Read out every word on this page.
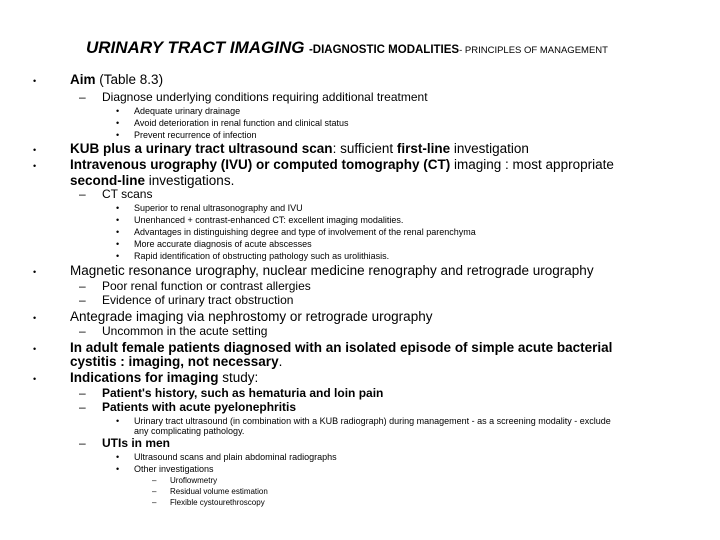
URINARY TRACT IMAGING -DIAGNOSTIC MODALITIES- PRINCIPLES OF MANAGEMENT
•	Aim (Table 8.3)
– Diagnose underlying conditions requiring additional treatment
• Adequate urinary drainage
• Avoid deterioration in renal function and clinical status
• Prevent recurrence of infection
•	KUB plus a urinary tract ultrasound scan: sufficient first-line investigation
•	Intravenous urography (IVU) or computed tomography (CT) imaging : most appropriate
second-line investigations.
– CT scans
• Superior to renal ultrasonography and IVU
• Unenhanced + contrast-enhanced CT: excellent imaging modalities.
• Advantages in distinguishing degree and type of involvement of the renal parenchyma
• More accurate diagnosis of acute abscesses
• Rapid identification of obstructing pathology such as urolithiasis.
•	Magnetic resonance urography, nuclear medicine renography and retrograde urography
– Poor renal function or contrast allergies
– Evidence of urinary tract obstruction
•	Antegrade imaging via nephrostomy or retrograde urography
– Uncommon in the acute setting
•	In adult female patients diagnosed with an isolated episode of simple acute bacterial
cystitis : imaging, not necessary.
•	Indications for imaging study:
– Patient's history, such as hematuria and loin pain
– Patients with acute pyelonephritis
• Urinary tract ultrasound (in combination with a KUB radiograph) during management - as a screening modality - exclude
any complicating pathology.
– UTIs in men
• Ultrasound scans and plain abdominal radiographs
• Other investigations
– Uroflowmetry
– Residual volume estimation
– Flexible cystourethroscopy
